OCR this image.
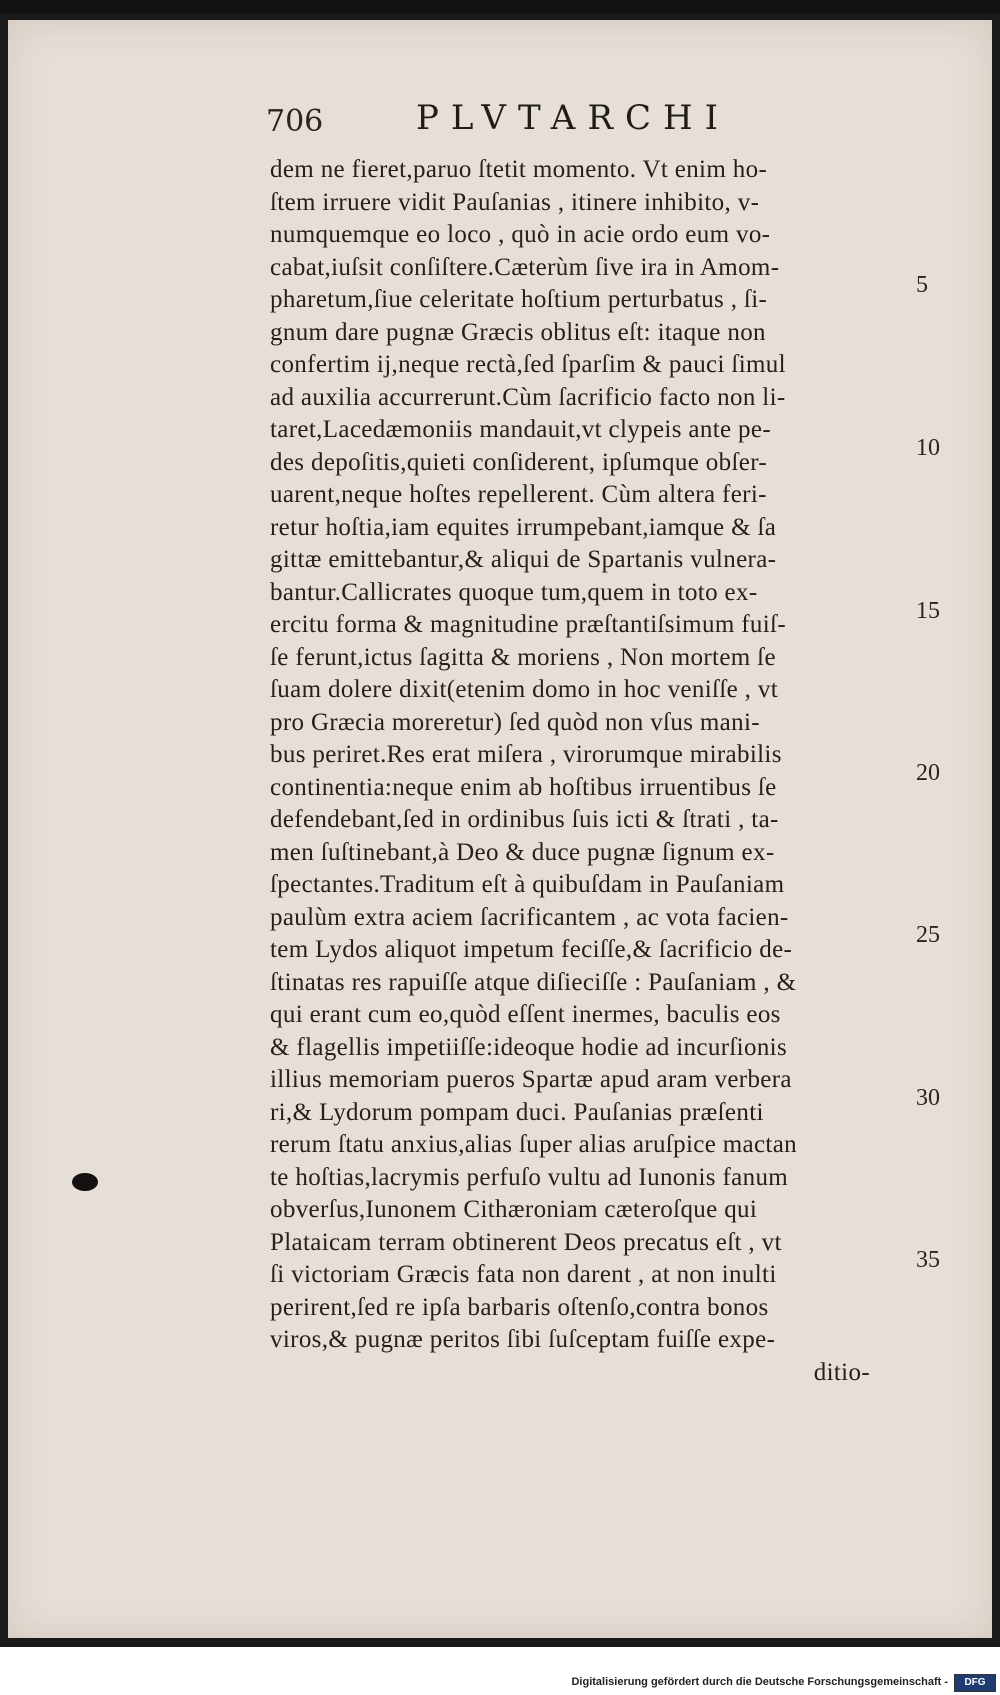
706	PLVTARCHI
dem ne fieret,paruo ſtetit momento. Vt enim ho-
ſtem irruere vidit Pauſanias , itinere inhibito, v-
numquemque eo loco , quò in acie ordo eum vo-
cabat,iuſsit conſiſtere.Cæterùm ſive ira in Amom-
pharetum,ſiue celeritate hoſtium perturbatus , ſi-
gnum dare pugnæ Græcis oblitus eſt: itaque non
confertim ij,neque rectà,ſed ſparſim & pauci ſimul
ad auxilia accurrerunt.Cùm ſacrificio facto non li-
taret,Lacedæmoniis mandauit,vt clypeis ante pe-
des depoſitis,quieti conſiderent, ipſumque obſer-
uarent,neque hoſtes repellerent. Cùm altera feri-
retur hoſtia,iam equites irrumpebant,iamque & ſa
gittæ emittebantur,& aliqui de Spartanis vulnera-
bantur.Callicrates quoque tum,quem in toto ex-
ercitu forma & magnitudine præſtantiſsimum fuiſ-
ſe ferunt,ictus ſagitta & moriens , Non mortem ſe
ſuam dolere dixit(etenim domo in hoc veniſſe , vt
pro Græcia moreretur) ſed quòd non vſus mani-
bus periret.Res erat miſera , virorumque mirabilis
continentia:neque enim ab hoſtibus irruentibus ſe
defendebant,ſed in ordinibus ſuis icti & ſtrati , ta-
men ſuſtinebant,à Deo & duce pugnæ ſignum ex-
ſpectantes.Traditum eſt à quibuſdam in Pauſaniam
paulùm extra aciem ſacrificantem , ac vota facien-
tem Lydos aliquot impetum feciſſe,& ſacrificio de-
ſtinatas res rapuiſſe atque diſieciſſe : Pauſaniam , &
qui erant cum eo,quòd eſſent inermes, baculis eos
& flagellis impetiiſſe:ideoque hodie ad incurſionis
illius memoriam pueros Spartæ apud aram verbera
ri,& Lydorum pompam duci. Pauſanias præſenti
rerum ſtatu anxius,alias ſuper alias aruſpice mactan
te hoſtias,lacrymis perfuſo vultu ad Iunonis fanum
obverſus,Iunonem Cithæroniam cæteroſque qui
Plataicam terram obtinerent Deos precatus eſt , vt
ſi victoriam Græcis fata non darent , at non inulti
perirent,ſed re ipſa barbaris oſtenſo,contra bonos
viros,& pugnæ peritos ſibi ſuſceptam fuiſſe expe-
ditio-
5
10
15
20
25
30
35
Digitalisierung gefördert durch die Deutsche Forschungsgemeinschaft -	DFG
